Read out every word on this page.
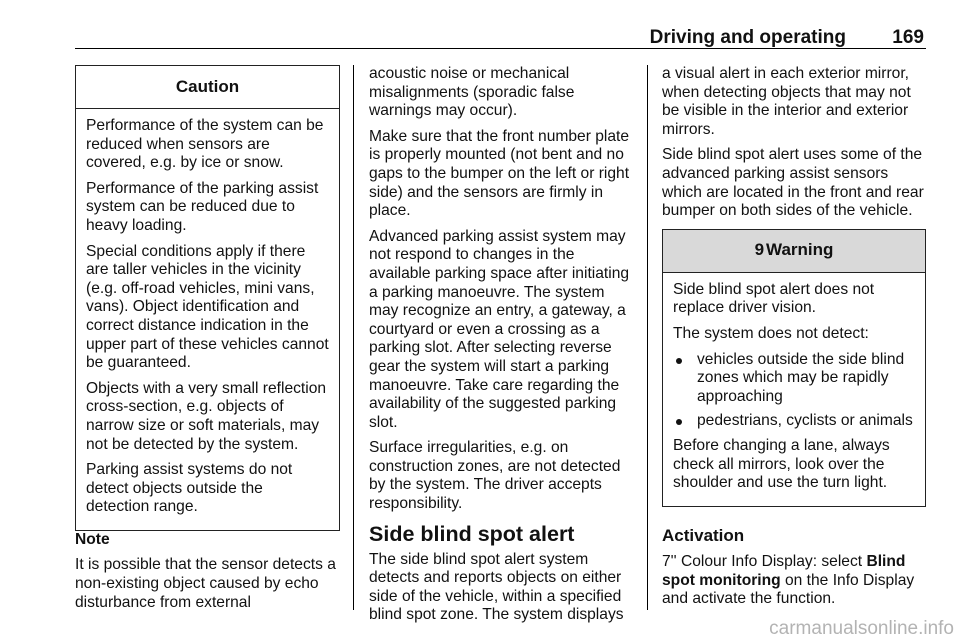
Driving and operating 169
Caution

Performance of the system can be reduced when sensors are covered, e.g. by ice or snow.

Performance of the parking assist system can be reduced due to heavy loading.

Special conditions apply if there are taller vehicles in the vicinity (e.g. off-road vehicles, mini vans, vans). Object identification and correct distance indication in the upper part of these vehicles cannot be guaranteed.

Objects with a very small reflection cross-section, e.g. objects of narrow size or soft materials, may not be detected by the system.

Parking assist systems do not detect objects outside the detection range.

Note

It is possible that the sensor detects a non-existing object caused by echo disturbance from external

acoustic noise or mechanical misalignments (sporadic false warnings may occur).

Make sure that the front number plate is properly mounted (not bent and no gaps to the bumper on the left or right side) and the sensors are firmly in place.

Advanced parking assist system may not respond to changes in the available parking space after initiating a parking manoeuvre. The system may recognize an entry, a gateway, a courtyard or even a crossing as a parking slot. After selecting reverse gear the system will start a parking manoeuvre. Take care regarding the availability of the suggested parking slot.

Surface irregularities, e.g. on construction zones, are not detected by the system. The driver accepts responsibility.

Side blind spot alert

The side blind spot alert system detects and reports objects on either side of the vehicle, within a specified blind spot zone. The system displays

a visual alert in each exterior mirror, when detecting objects that may not be visible in the interior and exterior mirrors.

Side blind spot alert uses some of the advanced parking assist sensors which are located in the front and rear bumper on both sides of the vehicle.

9 Warning

Side blind spot alert does not replace driver vision.

The system does not detect:

vehicles outside the side blind zones which may be rapidly approaching
pedestrians, cyclists or animals

Before changing a lane, always check all mirrors, look over the shoulder and use the turn light.

Activation

7'' Colour Info Display: select Blind spot monitoring on the Info Display and activate the function.

carmanualsonline.info
